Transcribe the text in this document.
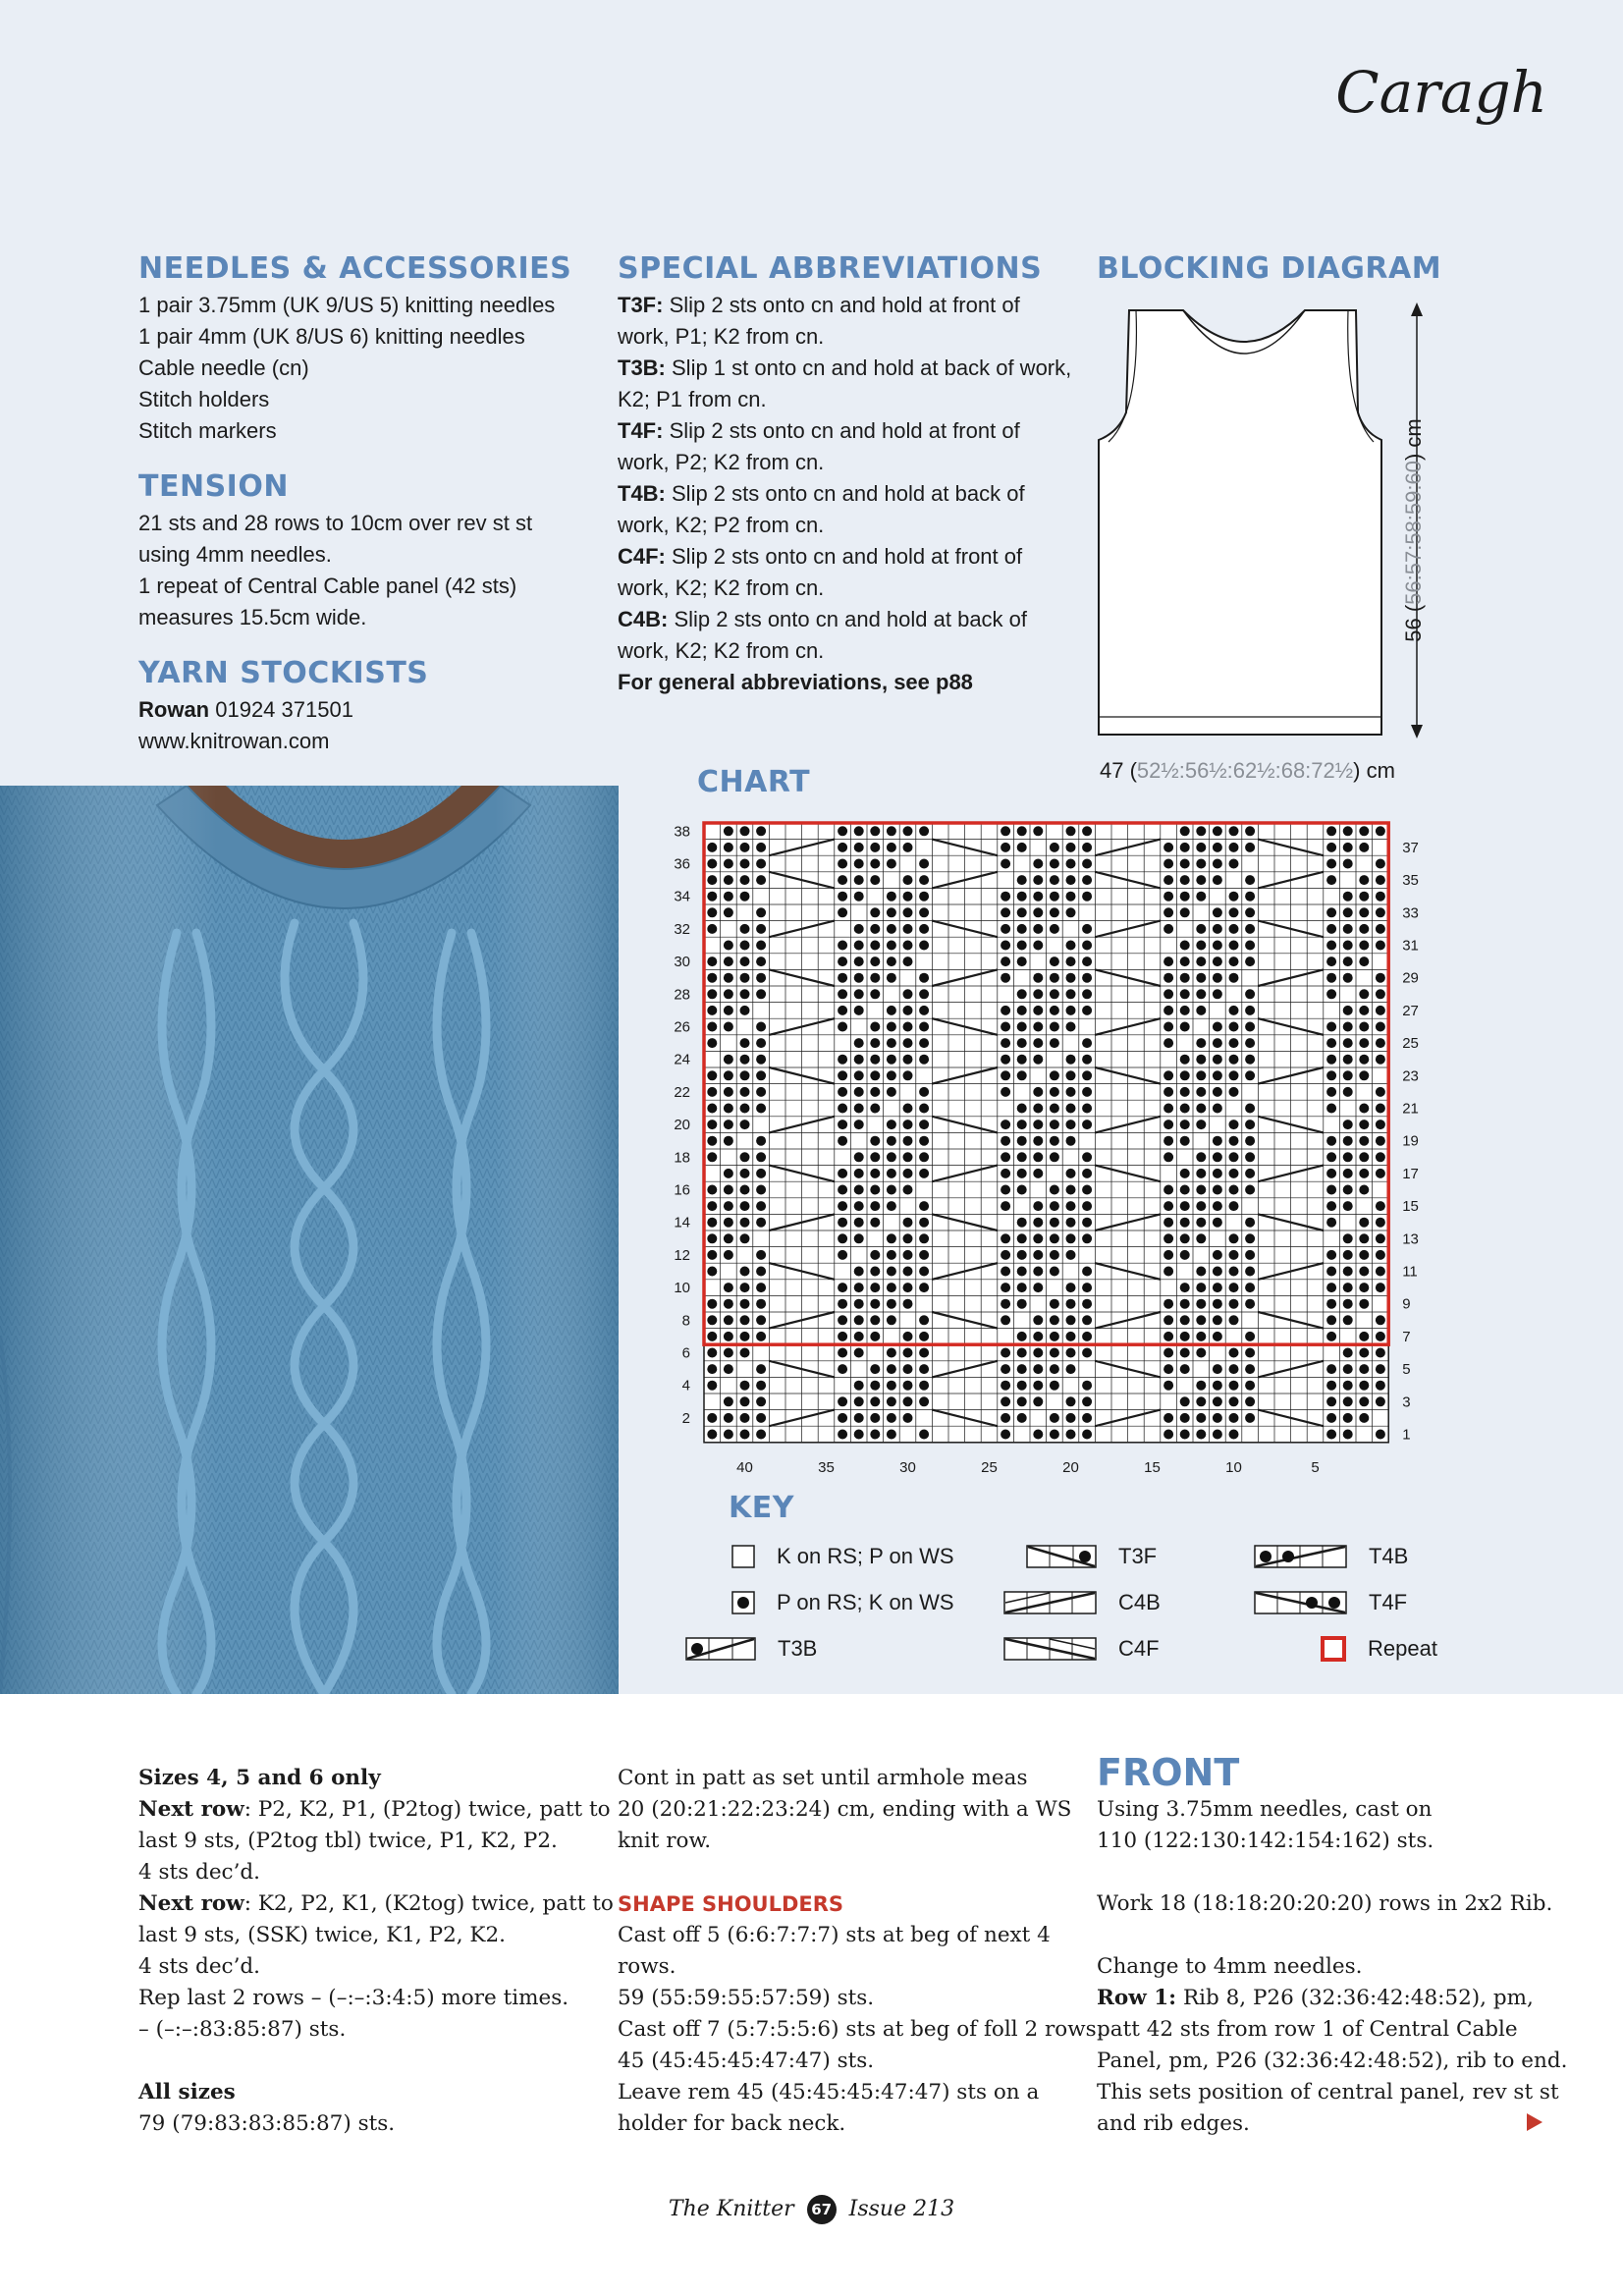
Caragh
NEEDLES & ACCESSORIES
1 pair 3.75mm (UK 9/US 5) knitting needles
1 pair 4mm (UK 8/US 6) knitting needles
Cable needle (cn)
Stitch holders
Stitch markers
TENSION
21 sts and 28 rows to 10cm over rev st st
using 4mm needles.
1 repeat of Central Cable panel (42 sts)
measures 15.5cm wide.
YARN STOCKISTS
Rowan 01924 371501
www.knitrowan.com
SPECIAL ABBREVIATIONS
T3F: Slip 2 sts onto cn and hold at front of
work, P1; K2 from cn.
T3B: Slip 1 st onto cn and hold at back of work,
K2; P1 from cn.
T4F: Slip 2 sts onto cn and hold at front of
work, P2; K2 from cn.
T4B: Slip 2 sts onto cn and hold at back of
work, K2; P2 from cn.
C4F: Slip 2 sts onto cn and hold at front of
work, K2; K2 from cn.
C4B: Slip 2 sts onto cn and hold at back of
work, K2; K2 from cn.
For general abbreviations, see p88
BLOCKING DIAGRAM
56 (56:57:58:59:60) cm
47 (52½:56½:62½:68:72½) cm
CHART
38
36
34
32
30
28
26
24
22
20
18
16
14
12
10
8
6
4
2
37
35
33
31
29
27
25
23
21
19
17
15
13
11
9
7
5
3
1
40	35	30	25	20	15	10	5
KEY
K on RS; P on WS
P on RS; K on WS
T3B
T3F
C4B
C4F
T4B
T4F
Repeat

Sizes 4, 5 and 6 only

Next row: P2, K2, P1, (P2tog) twice, patt to

last 9 sts, (P2tog tbl) twice, P1, K2, P2.

4 sts dec’d.

Next row: K2, P2, K1, (K2tog) twice, patt to

last 9 sts, (SSK) twice, K1, P2, K2.

4 sts dec’d.

Rep last 2 rows – (–:–:3:4:5) more times.

– (–:–:83:85:87) sts.

All sizes

79 (79:83:83:85:87) sts.

Cont in patt as set until armhole meas

20 (20:21:22:23:24) cm, ending with a WS

knit row.

SHAPE SHOULDERS

Cast off 5 (6:6:7:7:7) sts at beg of next 4

rows.

59 (55:59:55:57:59) sts.

Cast off 7 (5:7:5:5:6) sts at beg of foll 2 rows.

45 (45:45:45:47:47) sts.

Leave rem 45 (45:45:45:47:47) sts on a

holder for back neck.

FRONT

Using 3.75mm needles, cast on

110 (122:130:142:154:162) sts.

Work 18 (18:18:20:20:20) rows in 2x2 Rib.

Change to 4mm needles.

Row 1: Rib 8, P26 (32:36:42:48:52), pm,

patt 42 sts from row 1 of Central Cable

Panel, pm, P26 (32:36:42:48:52), rib to end.

This sets position of central panel, rev st st

and rib edges.

The Knitter 67 Issue 213
